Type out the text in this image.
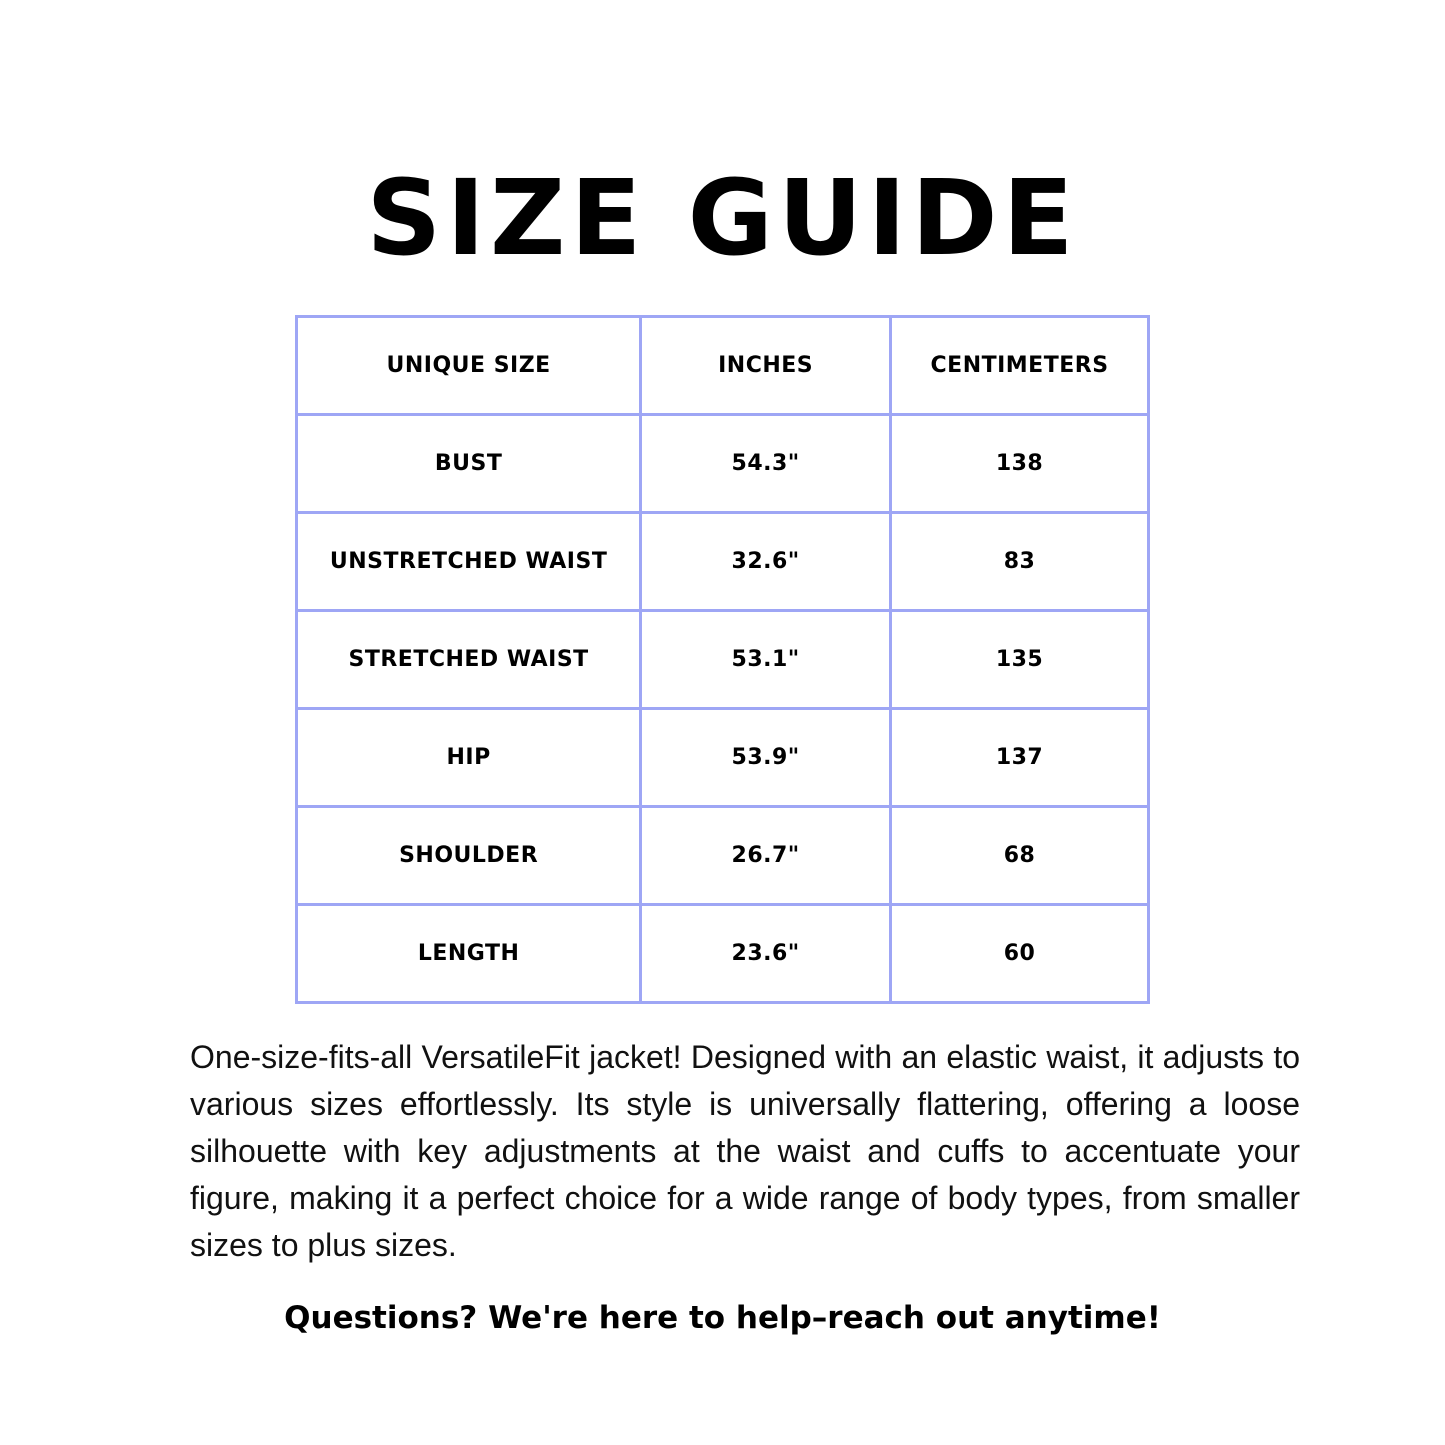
SIZE GUIDE
UNIQUE SIZE	INCHES	CENTIMETERS
BUST	54.3"	138
UNSTRETCHED WAIST	32.6"	83
STRETCHED WAIST	53.1"	135
HIP	53.9"	137
SHOULDER	26.7"	68
LENGTH	23.6"	60

One-size-fits-all VersatileFit jacket! Designed with an elastic waist, it adjusts to various sizes effortlessly. Its style is universally flattering, offering a loose silhouette with key adjustments at the waist and cuffs to accentuate your figure, making it a perfect choice for a wide range of body types, from smaller sizes to plus sizes.

Questions? We're here to help–reach out anytime!
